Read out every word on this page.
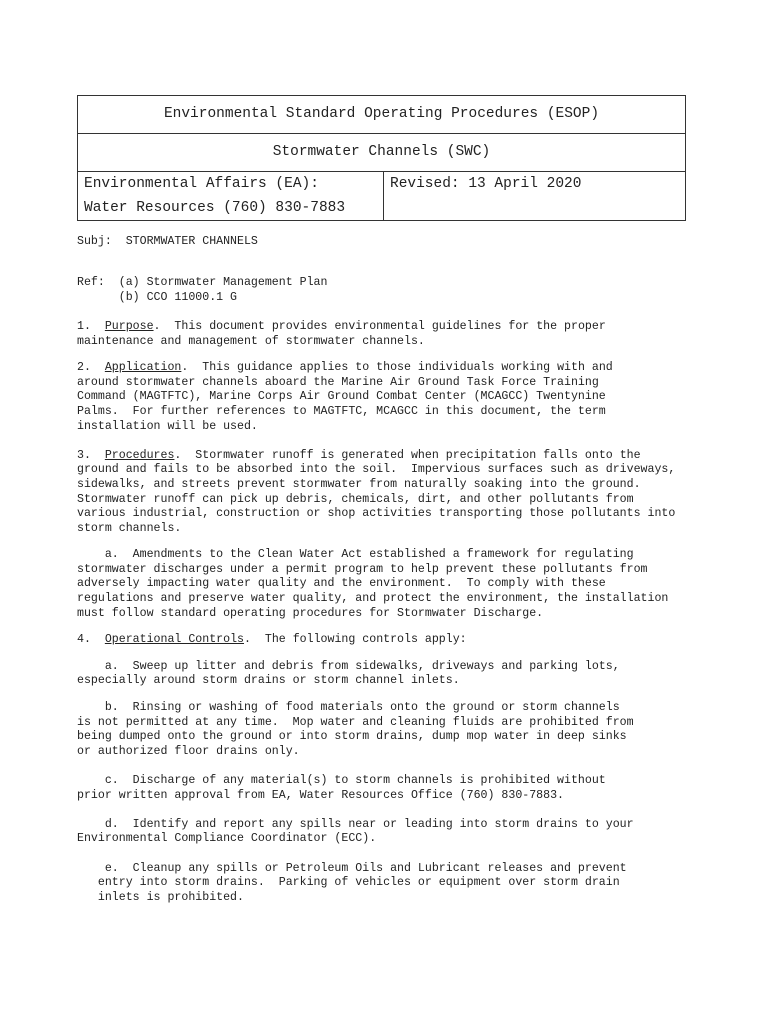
Environmental Standard Operating Procedures (ESOP)
Stormwater Channels (SWC)
Environmental Affairs (EA):
Water Resources (760) 830-7883
Revised: 13 April 2020
Subj:  STORMWATER CHANNELS
Ref:  (a) Stormwater Management Plan
(b) CCO 11000.1 G
1.  Purpose.  This document provides environmental guidelines for the proper
maintenance and management of stormwater channels.
2.  Application.  This guidance applies to those individuals working with and
around stormwater channels aboard the Marine Air Ground Task Force Training
Command (MAGTFTC), Marine Corps Air Ground Combat Center (MCAGCC) Twentynine
Palms.  For further references to MAGTFTC, MCAGCC in this document, the term
installation will be used.
3.  Procedures.  Stormwater runoff is generated when precipitation falls onto the
ground and fails to be absorbed into the soil.  Impervious surfaces such as driveways,
sidewalks, and streets prevent stormwater from naturally soaking into the ground.
Stormwater runoff can pick up debris, chemicals, dirt, and other pollutants from
various industrial, construction or shop activities transporting those pollutants into
storm channels.
a.  Amendments to the Clean Water Act established a framework for regulating
stormwater discharges under a permit program to help prevent these pollutants from
adversely impacting water quality and the environment.  To comply with these
regulations and preserve water quality, and protect the environment, the installation
must follow standard operating procedures for Stormwater Discharge.
4.  Operational Controls.  The following controls apply:
a.  Sweep up litter and debris from sidewalks, driveways and parking lots,
especially around storm drains or storm channel inlets.
b.  Rinsing or washing of food materials onto the ground or storm channels
is not permitted at any time.  Mop water and cleaning fluids are prohibited from
being dumped onto the ground or into storm drains, dump mop water in deep sinks
or authorized floor drains only.
c.  Discharge of any material(s) to storm channels is prohibited without
prior written approval from EA, Water Resources Office (760) 830-7883.
d.  Identify and report any spills near or leading into storm drains to your
Environmental Compliance Coordinator (ECC).
e.  Cleanup any spills or Petroleum Oils and Lubricant releases and prevent
entry into storm drains.  Parking of vehicles or equipment over storm drain
inlets is prohibited.
